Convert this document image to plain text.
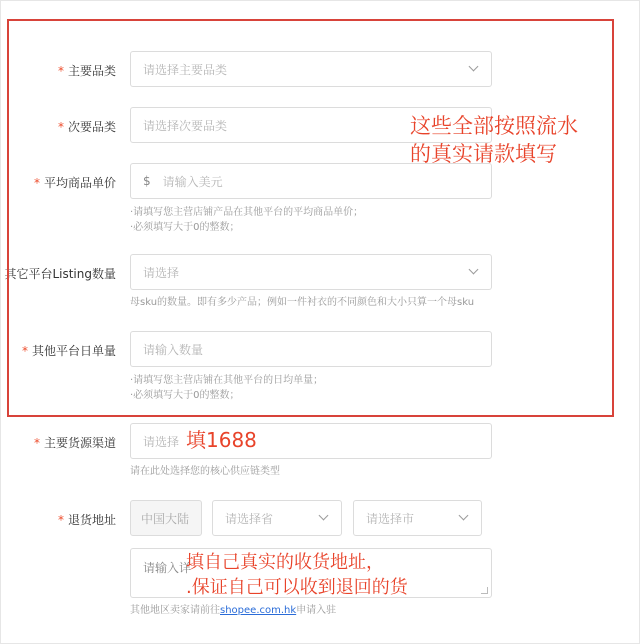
* 主要品类 请选择主要品类
* 次要品类 请选择次要品类
* 平均商品单价 $ 请输入美元
·请填写您主营店铺产品在其他平台的平均商品单价；
·必须填写大于0的整数；
其它平台Listing数量 请选择
母sku的数量。即有多少产品；例如一件衬衣的不同颜色和大小只算一个母sku
* 其他平台日单量 请输入数量
·请填写您主营店铺在其他平台的日均单量；
·必须填写大于0的整数；
这些全部按照流水
的真实请款填写
* 主要货源渠道 请选择 填1688
请在此处选择您的核心供应链类型
* 退货地址 中国大陆	请选择省	请选择市
请输入详
填自己真实的收货地址，
.保证自己可以收到退回的货
其他地区卖家请前往shopee.com.hk申请入驻
